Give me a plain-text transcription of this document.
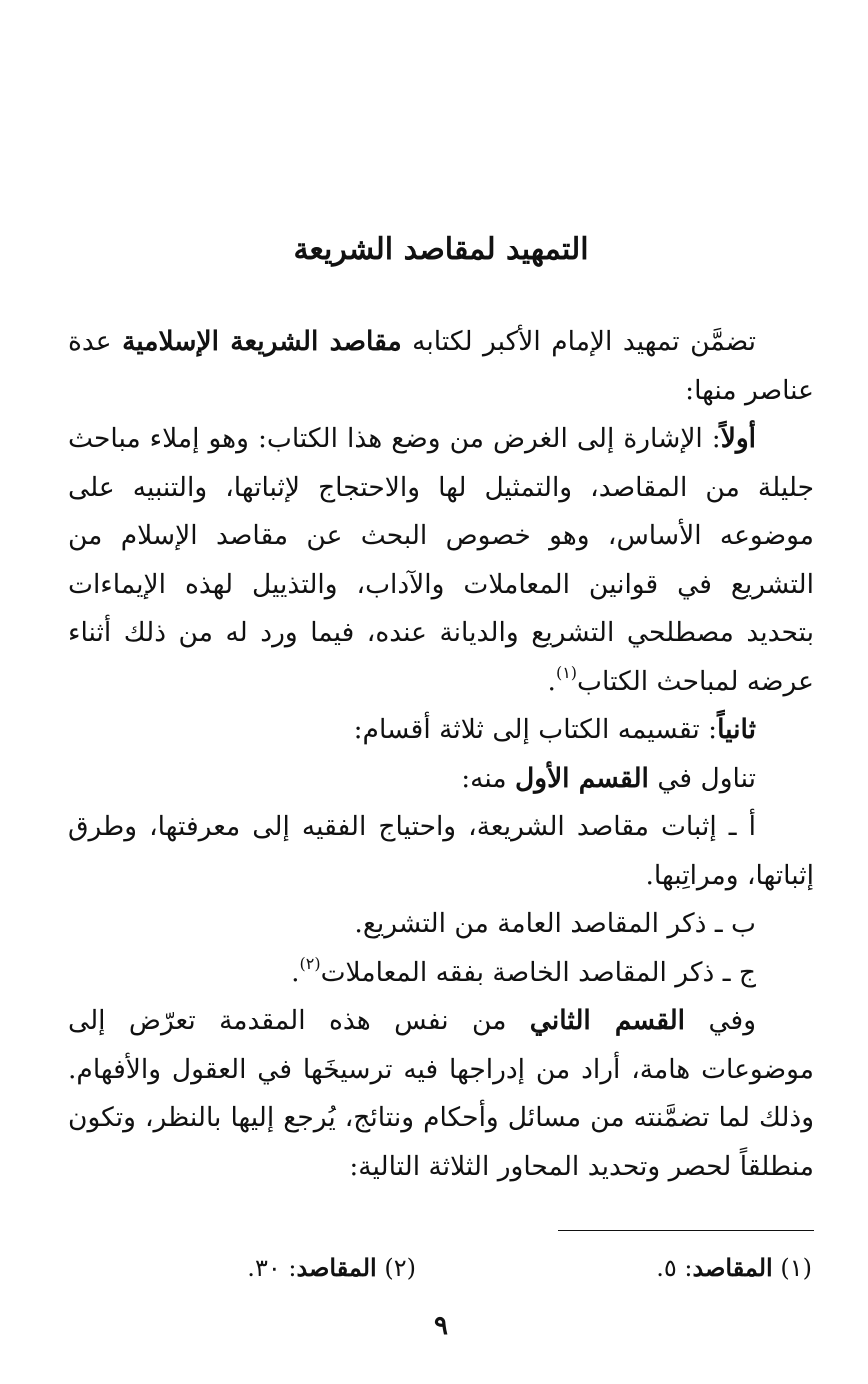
التمهيد لمقاصد الشريعة

تضمَّن تمهيد الإمام الأكبر لكتابه مقاصد الشريعة الإسلامية عدة عناصر منها:

أولاً: الإشارة إلى الغرض من وضع هذا الكتاب: وهو إملاء مباحث جليلة من المقاصد، والتمثيل لها والاحتجاج لإثباتها، والتنبيه على موضوعه الأساس، وهو خصوص البحث عن مقاصد الإسلام من التشريع في قوانين المعاملات والآداب، والتذييل لهذه الإيماءات بتحديد مصطلحي التشريع والديانة عنده، فيما ورد له من ذلك أثناء عرضه لمباحث الكتاب$^{(١)}$.

ثانياً: تقسيمه الكتاب إلى ثلاثة أقسام:

تناول في القسم الأول منه:

أ ـ إثبات مقاصد الشريعة، واحتياج الفقيه إلى معرفتها، وطرق إثباتها، ومراتِبها.

ب ـ ذكر المقاصد العامة من التشريع.

ج ـ ذكر المقاصد الخاصة بفقه المعاملات$^{(٢)}$.

وفي القسم الثاني من نفس هذه المقدمة تعرّض إلى موضوعات هامة، أراد من إدراجها فيه ترسيخَها في العقول والأفهام. وذلك لما تضمَّنته من مسائل وأحكام ونتائج، يُرجع إليها بالنظر، وتكون منطلقاً لحصر وتحديد المحاور الثلاثة التالية:

(١) المقاصد: ٥.
(٢) المقاصد: ٣٠.
٩
